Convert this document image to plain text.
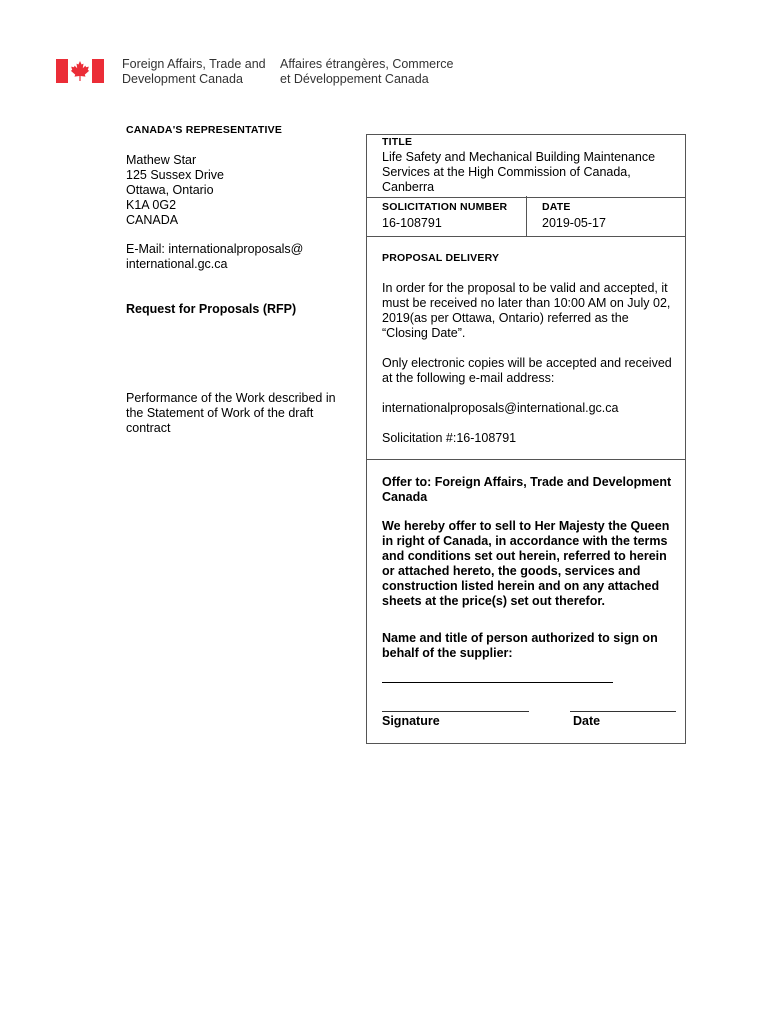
Foreign Affairs, Trade and
Development Canada
Affaires étrangères, Commerce
et Développement Canada
CANADA'S REPRESENTATIVE
Mathew Star
125 Sussex Drive
Ottawa, Ontario
K1A 0G2
CANADA
E-Mail: internationalproposals@
international.gc.ca
Request for Proposals (RFP)
Performance of the Work described in
the Statement of Work of the draft
contract
TITLE
Life Safety and Mechanical Building Maintenance
Services at the High Commission of Canada,
Canberra
SOLICITATION NUMBER
16-108791
DATE
2019-05-17
PROPOSAL DELIVERY
In order for the proposal to be valid and accepted, it
must be received no later than 10:00 AM on July 02,
2019(as per Ottawa, Ontario) referred as the
“Closing Date”.
Only electronic copies will be accepted and received
at the following e-mail address:
internationalproposals@international.gc.ca
Solicitation #:16-108791
Offer to: Foreign Affairs, Trade and Development
Canada
We hereby offer to sell to Her Majesty the Queen
in right of Canada, in accordance with the terms
and conditions set out herein, referred to herein
or attached hereto, the goods, services and
construction listed herein and on any attached
sheets at the price(s) set out therefor.
Name and title of person authorized to sign on
behalf of the supplier:
Signature	Date
